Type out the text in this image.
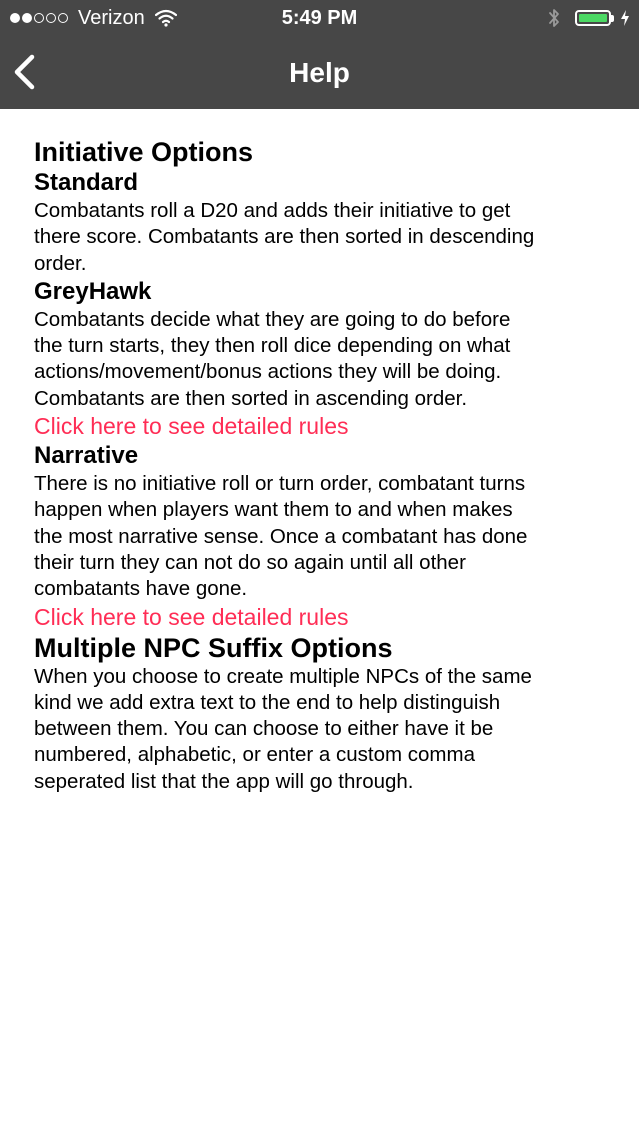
Verizon	5:49 PM
Help
Initiative Options
Standard
Combatants roll a D20 and adds their initiative to get
there score. Combatants are then sorted in descending
order.
GreyHawk
Combatants decide what they are going to do before
the turn starts, they then roll dice depending on what
actions/movement/bonus actions they will be doing.
Combatants are then sorted in ascending order.
Click here to see detailed rules
Narrative
There is no initiative roll or turn order, combatant turns
happen when players want them to and when makes
the most narrative sense. Once a combatant has done
their turn they can not do so again until all other
combatants have gone.
Click here to see detailed rules
Multiple NPC Suffix Options
When you choose to create multiple NPCs of the same
kind we add extra text to the end to help distinguish
between them. You can choose to either have it be
numbered, alphabetic, or enter a custom comma
seperated list that the app will go through.
